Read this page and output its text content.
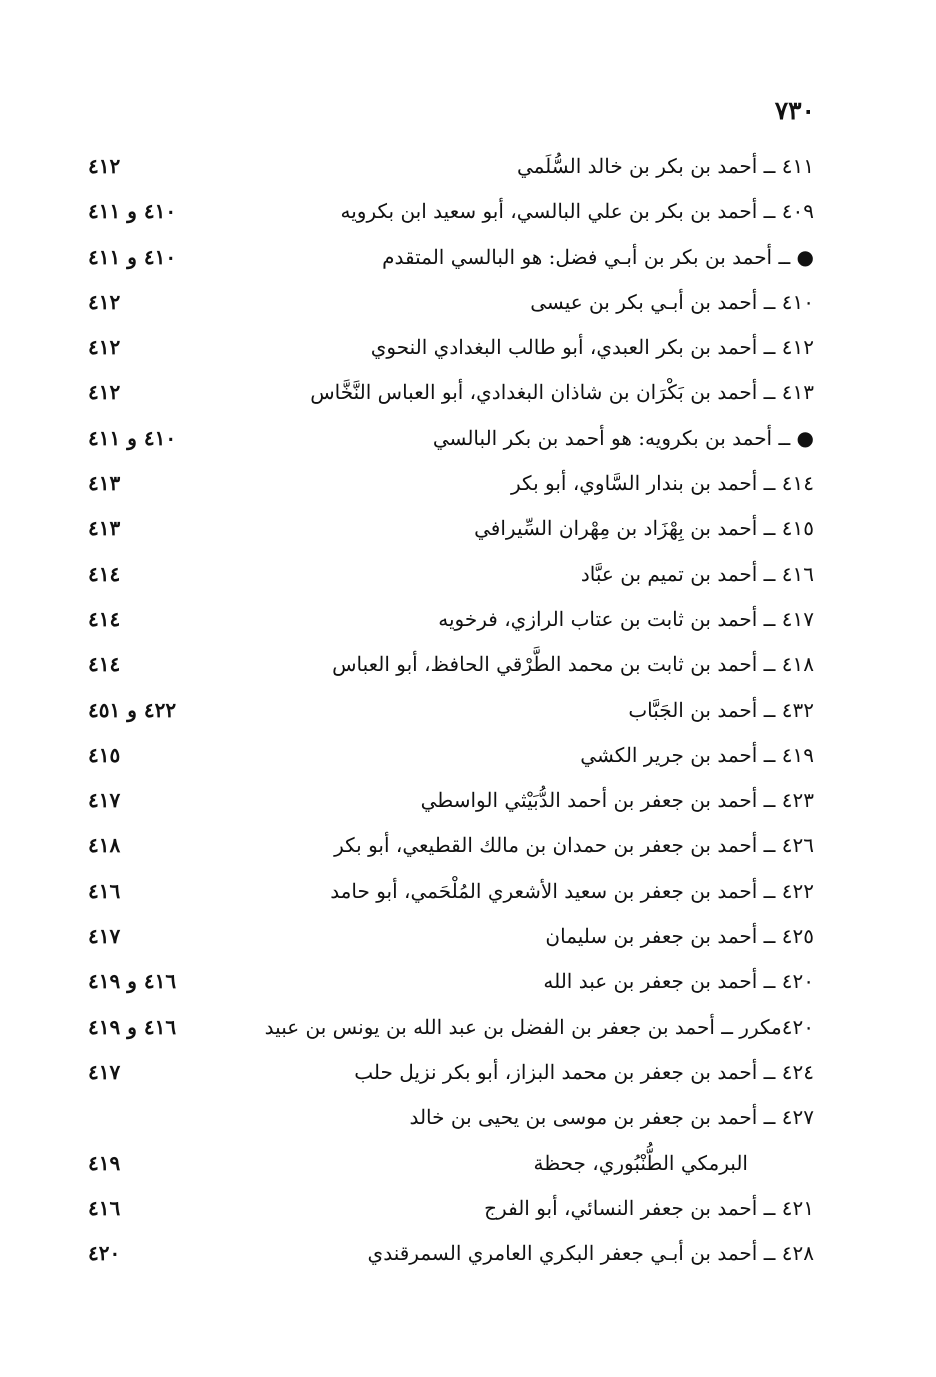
٧٣٠
٤١١ ــ أحمد بن بكر بن خالد السُّلَمي
٤١٢
٤٠٩ ــ أحمد بن بكر بن علي البالسي، أبو سعيد ابن بكرويه
٤١٠ و ٤١١
● ــ أحمد بن بكر بن أبـي فضل: هو البالسي المتقدم
٤١٠ و ٤١١
٤١٠ ــ أحمد بن أبـي بكر بن عيسى
٤١٢
٤١٢ ــ أحمد بن بكر العبدي، أبو طالب البغدادي النحوي
٤١٢
٤١٣ ــ أحمد بن بَكْرَان بن شاذان البغدادي، أبو العباس النَّخَّاس
٤١٢
● ــ أحمد بن بكرويه: هو أحمد بن بكر البالسي
٤١٠ و ٤١١
٤١٤ ــ أحمد بن بندار السَّاوي، أبو بكر
٤١٣
٤١٥ ــ أحمد بن بِهْزَاد بن مِهْران السِّيرافي
٤١٣
٤١٦ ــ أحمد بن تميم بن عبَّاد
٤١٤
٤١٧ ــ أحمد بن ثابت بن عتاب الرازي، فرخويه
٤١٤
٤١٨ ــ أحمد بن ثابت بن محمد الطَّرْقي الحافظ، أبو العباس
٤١٤
٤٣٢ ــ أحمد بن الجَبَّاب
٤٢٢ و ٤٥١
٤١٩ ــ أحمد بن جرير الكشي
٤١٥
٤٢٣ ــ أحمد بن جعفر بن أحمد الدُّبَيْثي الواسطي
٤١٧
٤٢٦ ــ أحمد بن جعفر بن حمدان بن مالك القطيعي، أبو بكر
٤١٨
٤٢٢ ــ أحمد بن جعفر بن سعيد الأشعري المُلْحَمي، أبو حامد
٤١٦
٤٢٥ ــ أحمد بن جعفر بن سليمان
٤١٧
٤٢٠ ــ أحمد بن جعفر بن عبد الله
٤١٦ و ٤١٩
٤٢٠مكرر ــ أحمد بن جعفر بن الفضل بن عبد الله بن يونس بن عبيد
٤١٦ و ٤١٩
٤٢٤ ــ أحمد بن جعفر بن محمد البزاز، أبو بكر نزيل حلب
٤١٧
٤٢٧ ــ أحمد بن جعفر بن موسى بن يحيى بن خالد
البرمكي الطُّنْبُوري، جحظة
٤١٩
٤٢١ ــ أحمد بن جعفر النسائي، أبو الفرج
٤١٦
٤٢٨ ــ أحمد بن أبـي جعفر البكري العامري السمرقندي
٤٢٠
